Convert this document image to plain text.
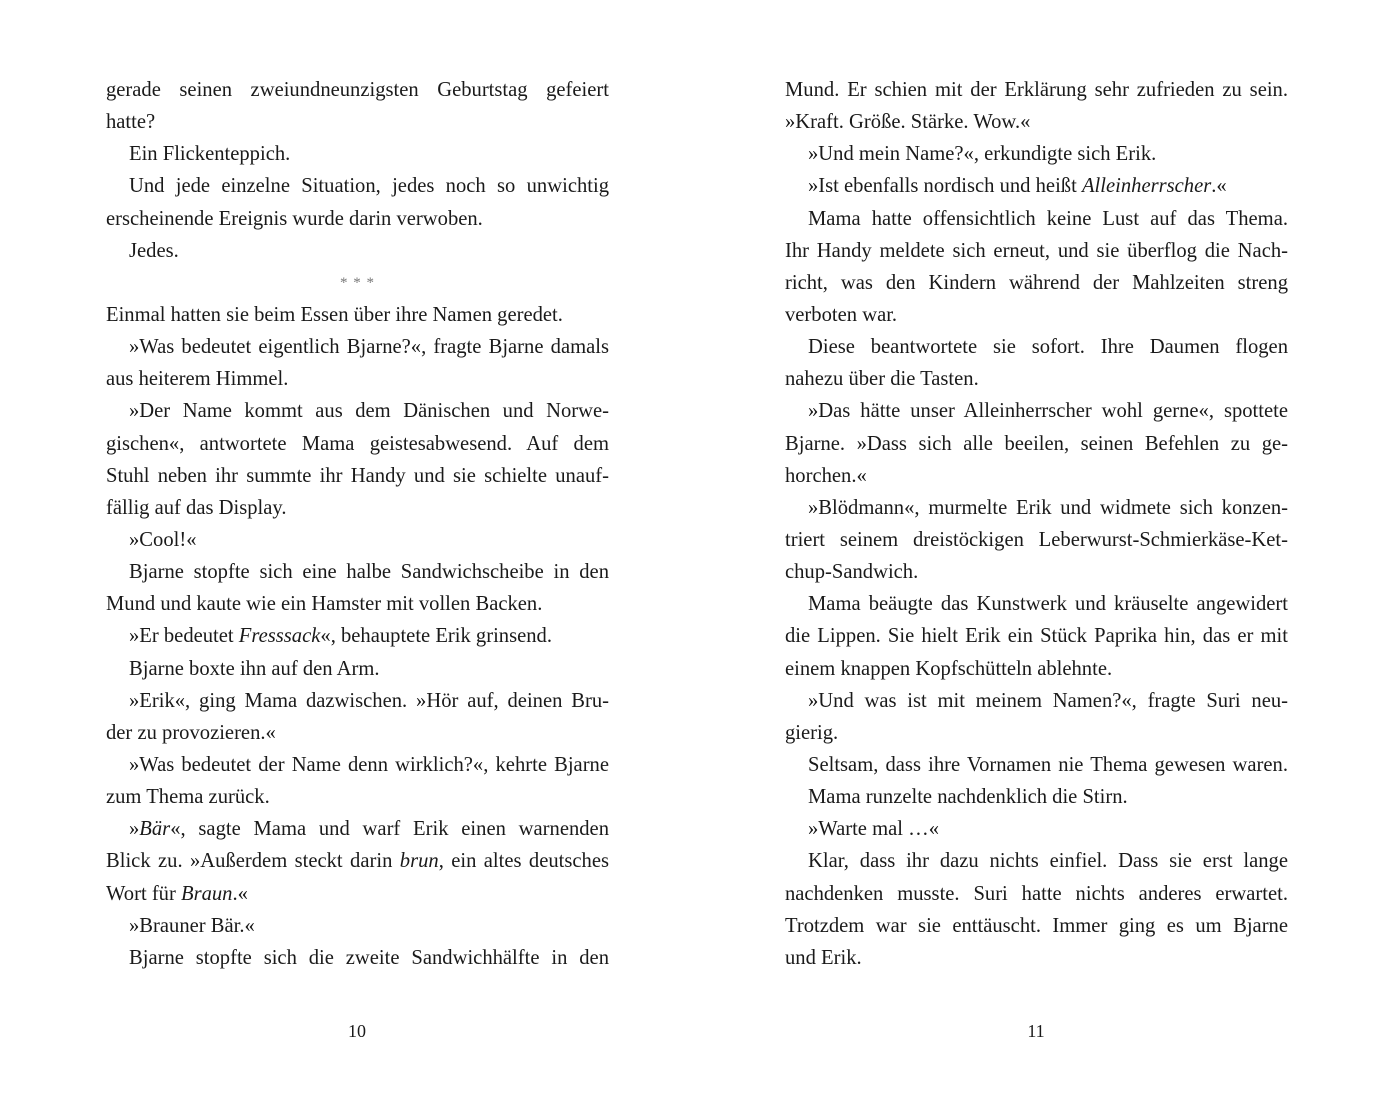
gerade seinen zweiundneunzigsten Geburtstag gefeiert
hatte?
Ein Flickenteppich.
Und jede einzelne Situation, jedes noch so unwichtig
erscheinende Ereignis wurde darin verwoben.
Jedes.
* * *
Einmal hatten sie beim Essen über ihre Namen geredet.
»Was bedeutet eigentlich Bjarne?«, fragte Bjarne damals
aus heiterem Himmel.
»Der Name kommt aus dem Dänischen und Norwe-
gischen«, antwortete Mama geistesabwesend. Auf dem
Stuhl neben ihr summte ihr Handy und sie schielte unauf-
fällig auf das Display.
»Cool!«
Bjarne stopfte sich eine halbe Sandwichscheibe in den
Mund und kaute wie ein Hamster mit vollen Backen.
»Er bedeutet Fresssack«, behauptete Erik grinsend.
Bjarne boxte ihn auf den Arm.
»Erik«, ging Mama dazwischen. »Hör auf, deinen Bru-
der zu provozieren.«
»Was bedeutet der Name denn wirklich?«, kehrte Bjarne
zum Thema zurück.
»Bär«, sagte Mama und warf Erik einen warnenden
Blick zu. »Außerdem steckt darin brun, ein altes deutsches
Wort für Braun.«
»Brauner Bär.«
Bjarne stopfte sich die zweite Sandwichhälfte in den
10
Mund. Er schien mit der Erklärung sehr zufrieden zu sein.
»Kraft. Größe. Stärke. Wow.«
»Und mein Name?«, erkundigte sich Erik.
»Ist ebenfalls nordisch und heißt Alleinherrscher.«
Mama hatte offensichtlich keine Lust auf das Thema.
Ihr Handy meldete sich erneut, und sie überflog die Nach-
richt, was den Kindern während der Mahlzeiten streng
verboten war.
Diese beantwortete sie sofort. Ihre Daumen flogen
nahezu über die Tasten.
»Das hätte unser Alleinherrscher wohl gerne«, spottete
Bjarne. »Dass sich alle beeilen, seinen Befehlen zu ge-
horchen.«
»Blödmann«, murmelte Erik und widmete sich konzen-
triert seinem dreistöckigen Leberwurst-Schmierkäse-Ket-
chup-Sandwich.
Mama beäugte das Kunstwerk und kräuselte angewidert
die Lippen. Sie hielt Erik ein Stück Paprika hin, das er mit
einem knappen Kopfschütteln ablehnte.
»Und was ist mit meinem Namen?«, fragte Suri neu-
gierig.
Seltsam, dass ihre Vornamen nie Thema gewesen waren.
Mama runzelte nachdenklich die Stirn.
»Warte mal …«
Klar, dass ihr dazu nichts einfiel. Dass sie erst lange
nachdenken musste. Suri hatte nichts anderes erwartet.
Trotzdem war sie enttäuscht. Immer ging es um Bjarne
und Erik.
11
